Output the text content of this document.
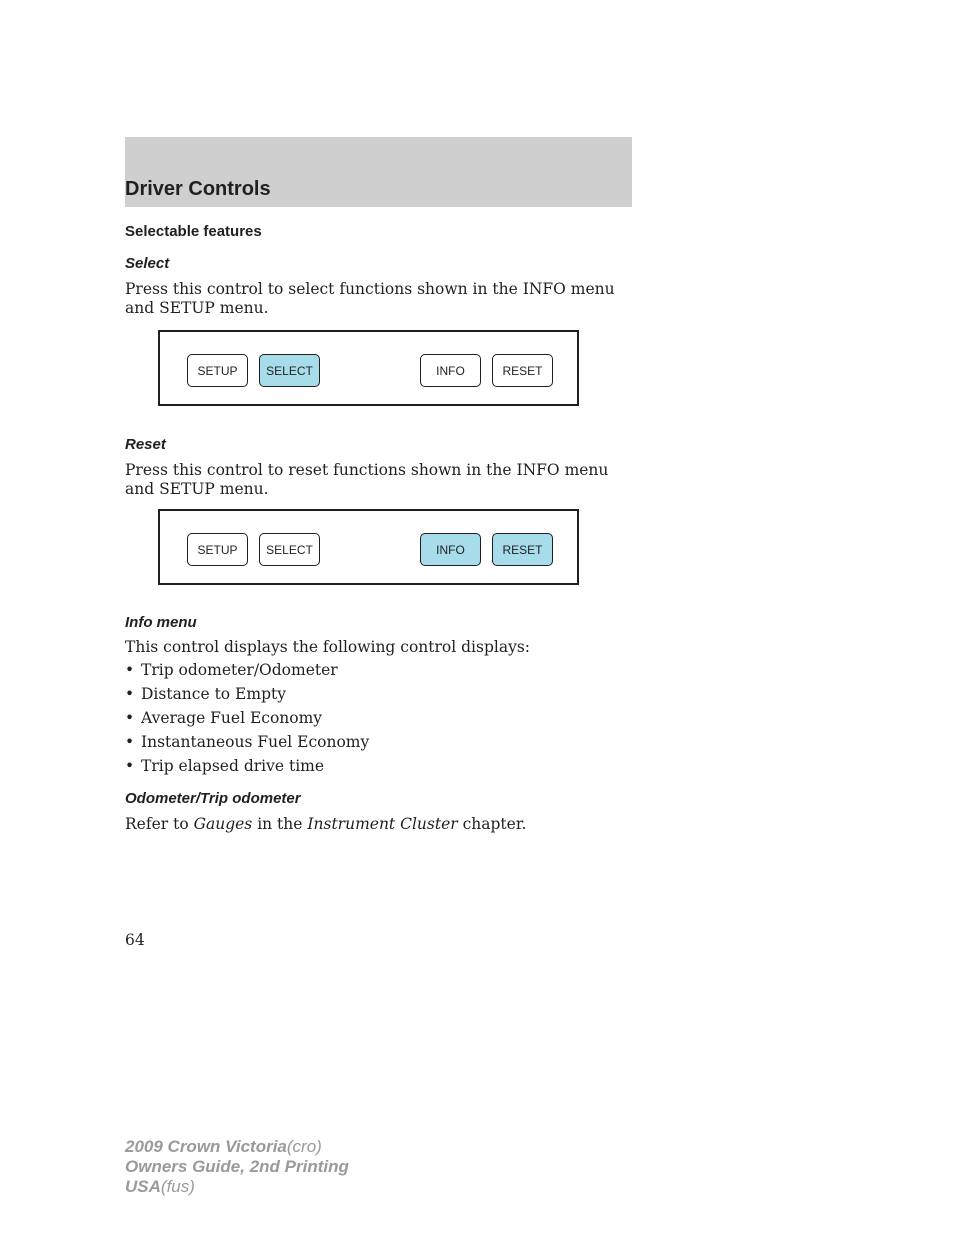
Driver Controls
Selectable features
Select
Press this control to select functions shown in the INFO menu and SETUP menu.
SETUP	SELECT	INFO	RESET
Reset
Press this control to reset functions shown in the INFO menu and SETUP menu.
SETUP	SELECT	INFO	RESET
Info menu
This control displays the following control displays:
• Trip odometer/Odometer
• Distance to Empty
• Average Fuel Economy
• Instantaneous Fuel Economy
• Trip elapsed drive time
Odometer/Trip odometer
Refer to Gauges in the Instrument Cluster chapter.
64
2009 Crown Victoria(cro)
Owners Guide, 2nd Printing
USA(fus)
